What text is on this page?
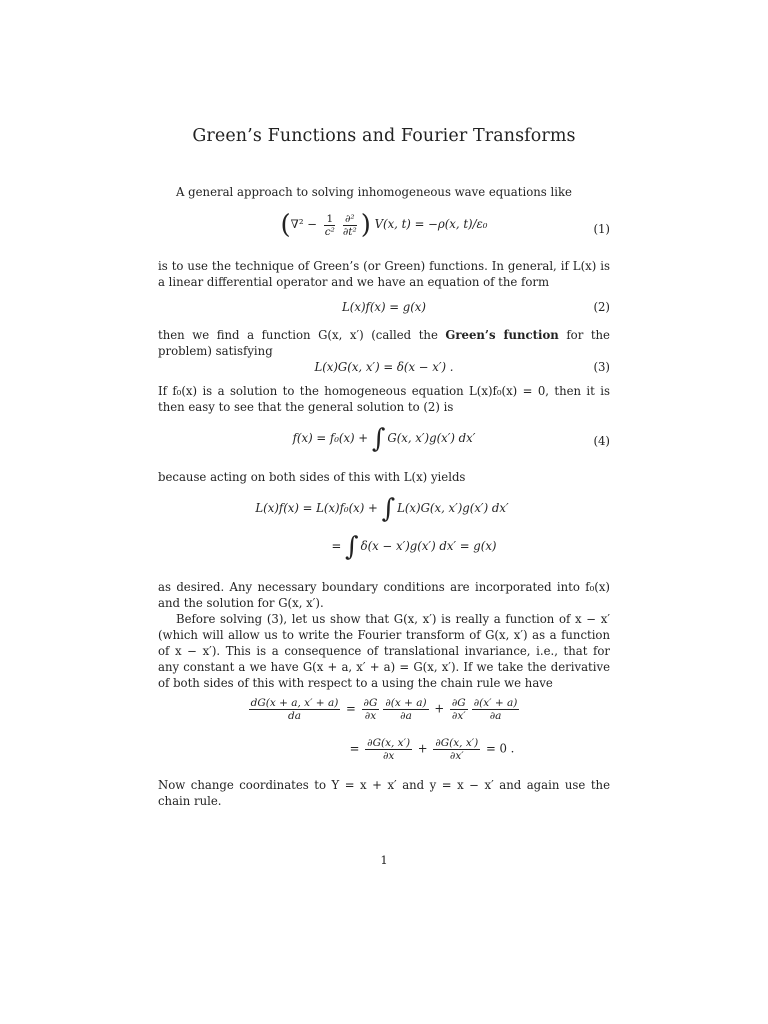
Green’s Functions and Fourier Transforms

A general approach to solving inhomogeneous wave equations like

($\nabla^2 - \frac{1}{\text{c²}} \frac{\text{∂²}}{\text{∂t²}}$ ) V(x, t) = −ρ(x, t)/ε₀	(1)

is to use the technique of Green’s (or Green) functions. In general, if L(x) is a linear differential operator and we have an equation of the form

L(x)f(x) = g(x)	(2)

then we find a function G(x, x′) (called the Green’s function for the problem) satisfying

L(x)G(x, x′) = δ(x − x′) .	(3)

If f₀(x) is a solution to the homogeneous equation L(x)f₀(x) = 0, then it is then easy to see that the general solution to (2) is

f(x) = f₀(x) + ∫ G(x, x′)g(x′) dx′	(4)

because acting on both sides of this with L(x) yields

L(x)f(x) = L(x)f₀(x) + ∫ L(x)G(x, x′)g(x′) dx′
= ∫ δ(x − x′)g(x′) dx′ = g(x)

as desired. Any necessary boundary conditions are incorporated into f₀(x) and the solution for G(x, x′).

Before solving (3), let us show that G(x, x′) is really a function of x − x′ (which will allow us to write the Fourier transform of G(x, x′) as a function of x − x′). This is a consequence of translational invariance, i.e., that for any constant a we have G(x + a, x′ + a) = G(x, x′). If we take the derivative of both sides of this with respect to a using the chain rule we have

$\frac{dG(x + a, x' + a)}{da} = \frac{\partial G}{\partial x} \frac{\partial(x + a)}{\partial a} + \frac{\partial G}{\partial x'} \frac{\partial(x' + a)}{\partial a}$
= $\frac{\partial G(x, x')}{\partial x} + \frac{\partial G(x, x')}{\partial x'} = 0$ .

Now change coordinates to Y = x + x′ and y = x − x′ and again use the chain rule.

1
